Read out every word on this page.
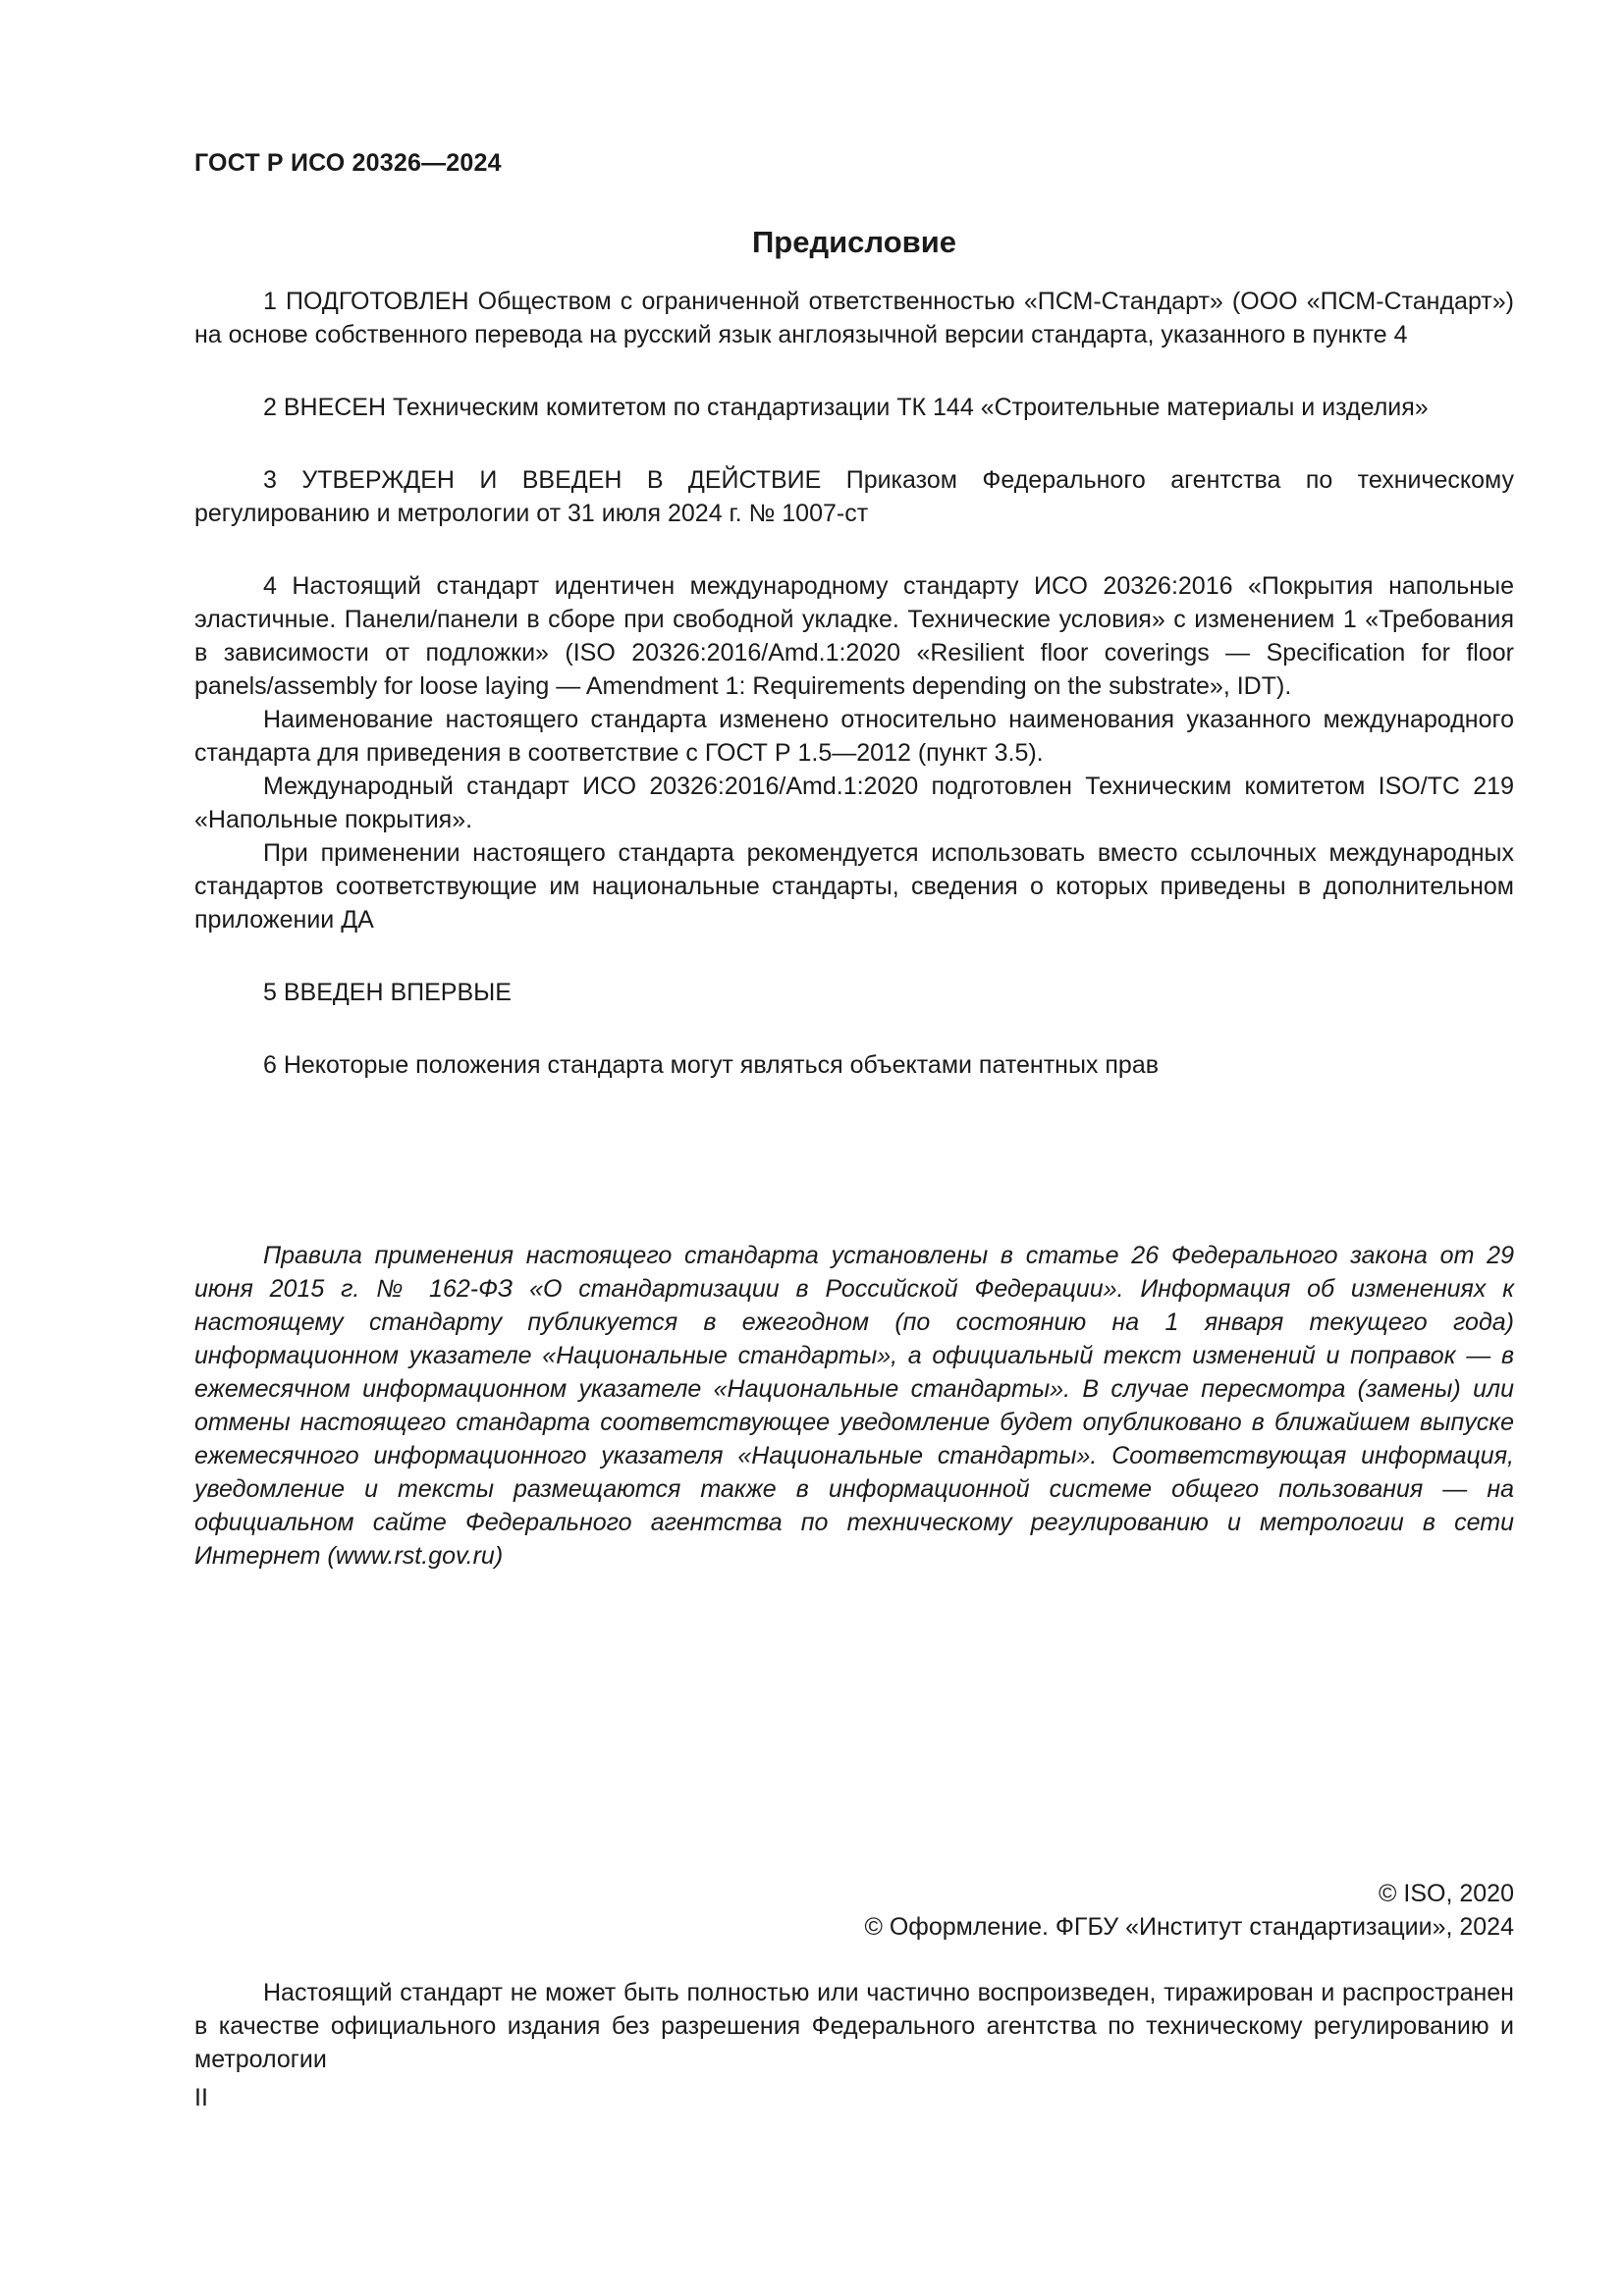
ГОСТ Р ИСО 20326—2024
Предисловие

1 ПОДГОТОВЛЕН Обществом с ограниченной ответственностью «ПСМ-Стандарт» (ООО «ПСМ-Стандарт») на основе собственного перевода на русский язык англоязычной версии стандарта, указанного в пункте 4

2 ВНЕСЕН Техническим комитетом по стандартизации ТК 144 «Строительные материалы и изделия»

3 УТВЕРЖДЕН И ВВЕДЕН В ДЕЙСТВИЕ Приказом Федерального агентства по техническому регулированию и метрологии от 31 июля 2024 г. № 1007-ст

4 Настоящий стандарт идентичен международному стандарту ИСО 20326:2016 «Покрытия напольные эластичные. Панели/панели в сборе при свободной укладке. Технические условия» с изменением 1 «Требования в зависимости от подложки» (ISO 20326:2016/Amd.1:2020 «Resilient floor coverings — Specification for floor panels/assembly for loose laying — Amendment 1: Requirements depending on the substrate», IDT).

Наименование настоящего стандарта изменено относительно наименования указанного международного стандарта для приведения в соответствие с ГОСТ Р 1.5—2012 (пункт 3.5).

Международный стандарт ИСО 20326:2016/Amd.1:2020 подготовлен Техническим комитетом ISO/TC 219 «Напольные покрытия».

При применении настоящего стандарта рекомендуется использовать вместо ссылочных международных стандартов соответствующие им национальные стандарты, сведения о которых приведены в дополнительном приложении ДА

5 ВВЕДЕН ВПЕРВЫЕ

6 Некоторые положения стандарта могут являться объектами патентных прав

Правила применения настоящего стандарта установлены в статье 26 Федерального закона от 29 июня 2015 г. № 162-ФЗ «О стандартизации в Российской Федерации». Информация об изменениях к настоящему стандарту публикуется в ежегодном (по состоянию на 1 января текущего года) информационном указателе «Национальные стандарты», а официальный текст изменений и поправок — в ежемесячном информационном указателе «Национальные стандарты». В случае пересмотра (замены) или отмены настоящего стандарта соответствующее уведомление будет опубликовано в ближайшем выпуске ежемесячного информационного указателя «Национальные стандарты». Соответствующая информация, уведомление и тексты размещаются также в информационной системе общего пользования — на официальном сайте Федерального агентства по техническому регулированию и метрологии в сети Интернет (www.rst.gov.ru)

© ISO, 2020
© Оформление. ФГБУ «Институт стандартизации», 2024

Настоящий стандарт не может быть полностью или частично воспроизведен, тиражирован и распространен в качестве официального издания без разрешения Федерального агентства по техническому регулированию и метрологии

II
